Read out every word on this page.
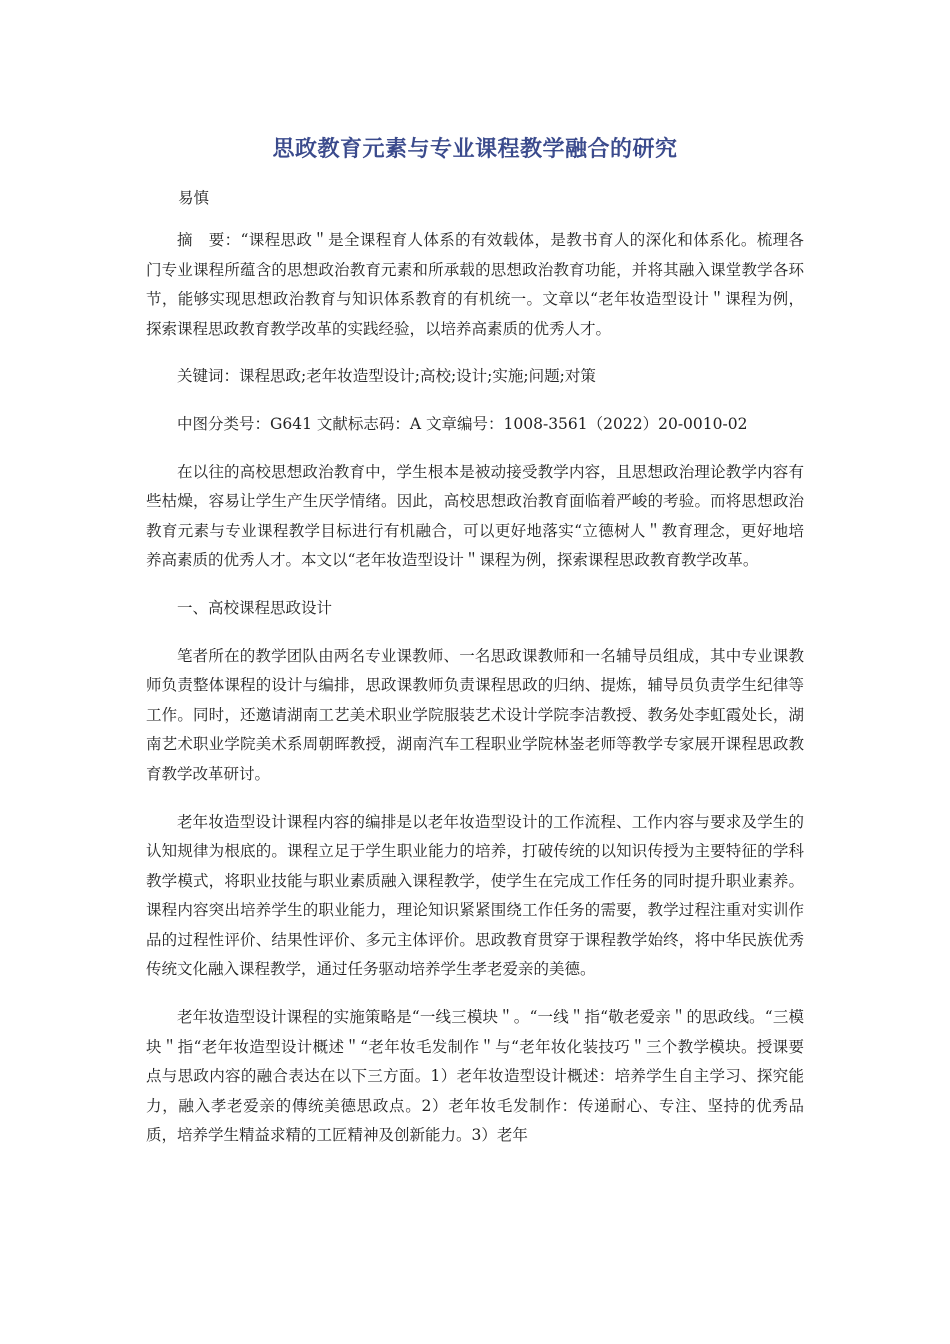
思政教育元素与专业课程教学融合的研究
易慎

摘　要：“课程思政＂是全课程育人体系的有效载体，是教书育人的深化和体系化。梳理各门专业课程所蕴含的思想政治教育元素和所承载的思想政治教育功能，并将其融入课堂教学各环节，能够实现思想政治教育与知识体系教育的有机统一。文章以“老年妆造型设计＂课程为例，探索课程思政教育教学改革的实践经验，以培养高素质的优秀人才。

关键词：课程思政;老年妆造型设计;高校;设计;实施;问题;对策

中图分类号：G641 文献标志码：A 文章编号：1008-3561（2022）20-0010-02

在以往的高校思想政治教育中，学生根本是被动接受教学内容，且思想政治理论教学内容有些枯燥，容易让学生产生厌学情绪。因此，高校思想政治教育面临着严峻的考验。而将思想政治教育元素与专业课程教学目标进行有机融合，可以更好地落实“立德树人＂教育理念，更好地培养高素质的优秀人才。本文以“老年妆造型设计＂课程为例，探索课程思政教育教学改革。

一、高校课程思政设计

笔者所在的教学团队由两名专业课教师、一名思政课教师和一名辅导员组成，其中专业课教师负责整体课程的设计与编排，思政课教师负责课程思政的归纳、提炼，辅导员负责学生纪律等工作。同时，还邀请湖南工艺美术职业学院服装艺术设计学院李洁教授、教务处李虹霞处长，湖南艺术职业学院美术系周朝晖教授，湖南汽车工程职业学院林崟老师等教学专家展开课程思政教育教学改革研讨。

老年妆造型设计课程内容的编排是以老年妆造型设计的工作流程、工作内容与要求及学生的认知规律为根底的。课程立足于学生职业能力的培养，打破传统的以知识传授为主要特征的学科教学模式，将职业技能与职业素质融入课程教学，使学生在完成工作任务的同时提升职业素养。课程内容突出培养学生的职业能力，理论知识紧紧围绕工作任务的需要，教学过程注重对实训作品的过程性评价、结果性评价、多元主体评价。思政教育贯穿于课程教学始终，将中华民族优秀传统文化融入课程教学，通过任务驱动培养学生孝老爱亲的美德。

老年妆造型设计课程的实施策略是“一线三模块＂。“一线＂指“敬老爱亲＂的思政线。“三模块＂指“老年妆造型设计概述＂“老年妆毛发制作＂与“老年妆化装技巧＂三个教学模块。授课要点与思政内容的融合表达在以下三方面。1）老年妆造型设计概述：培养学生自主学习、探究能力，融入孝老爱亲的傳统美德思政点。2）老年妆毛发制作：传递耐心、专注、坚持的优秀品质，培养学生精益求精的工匠精神及创新能力。3）老年
